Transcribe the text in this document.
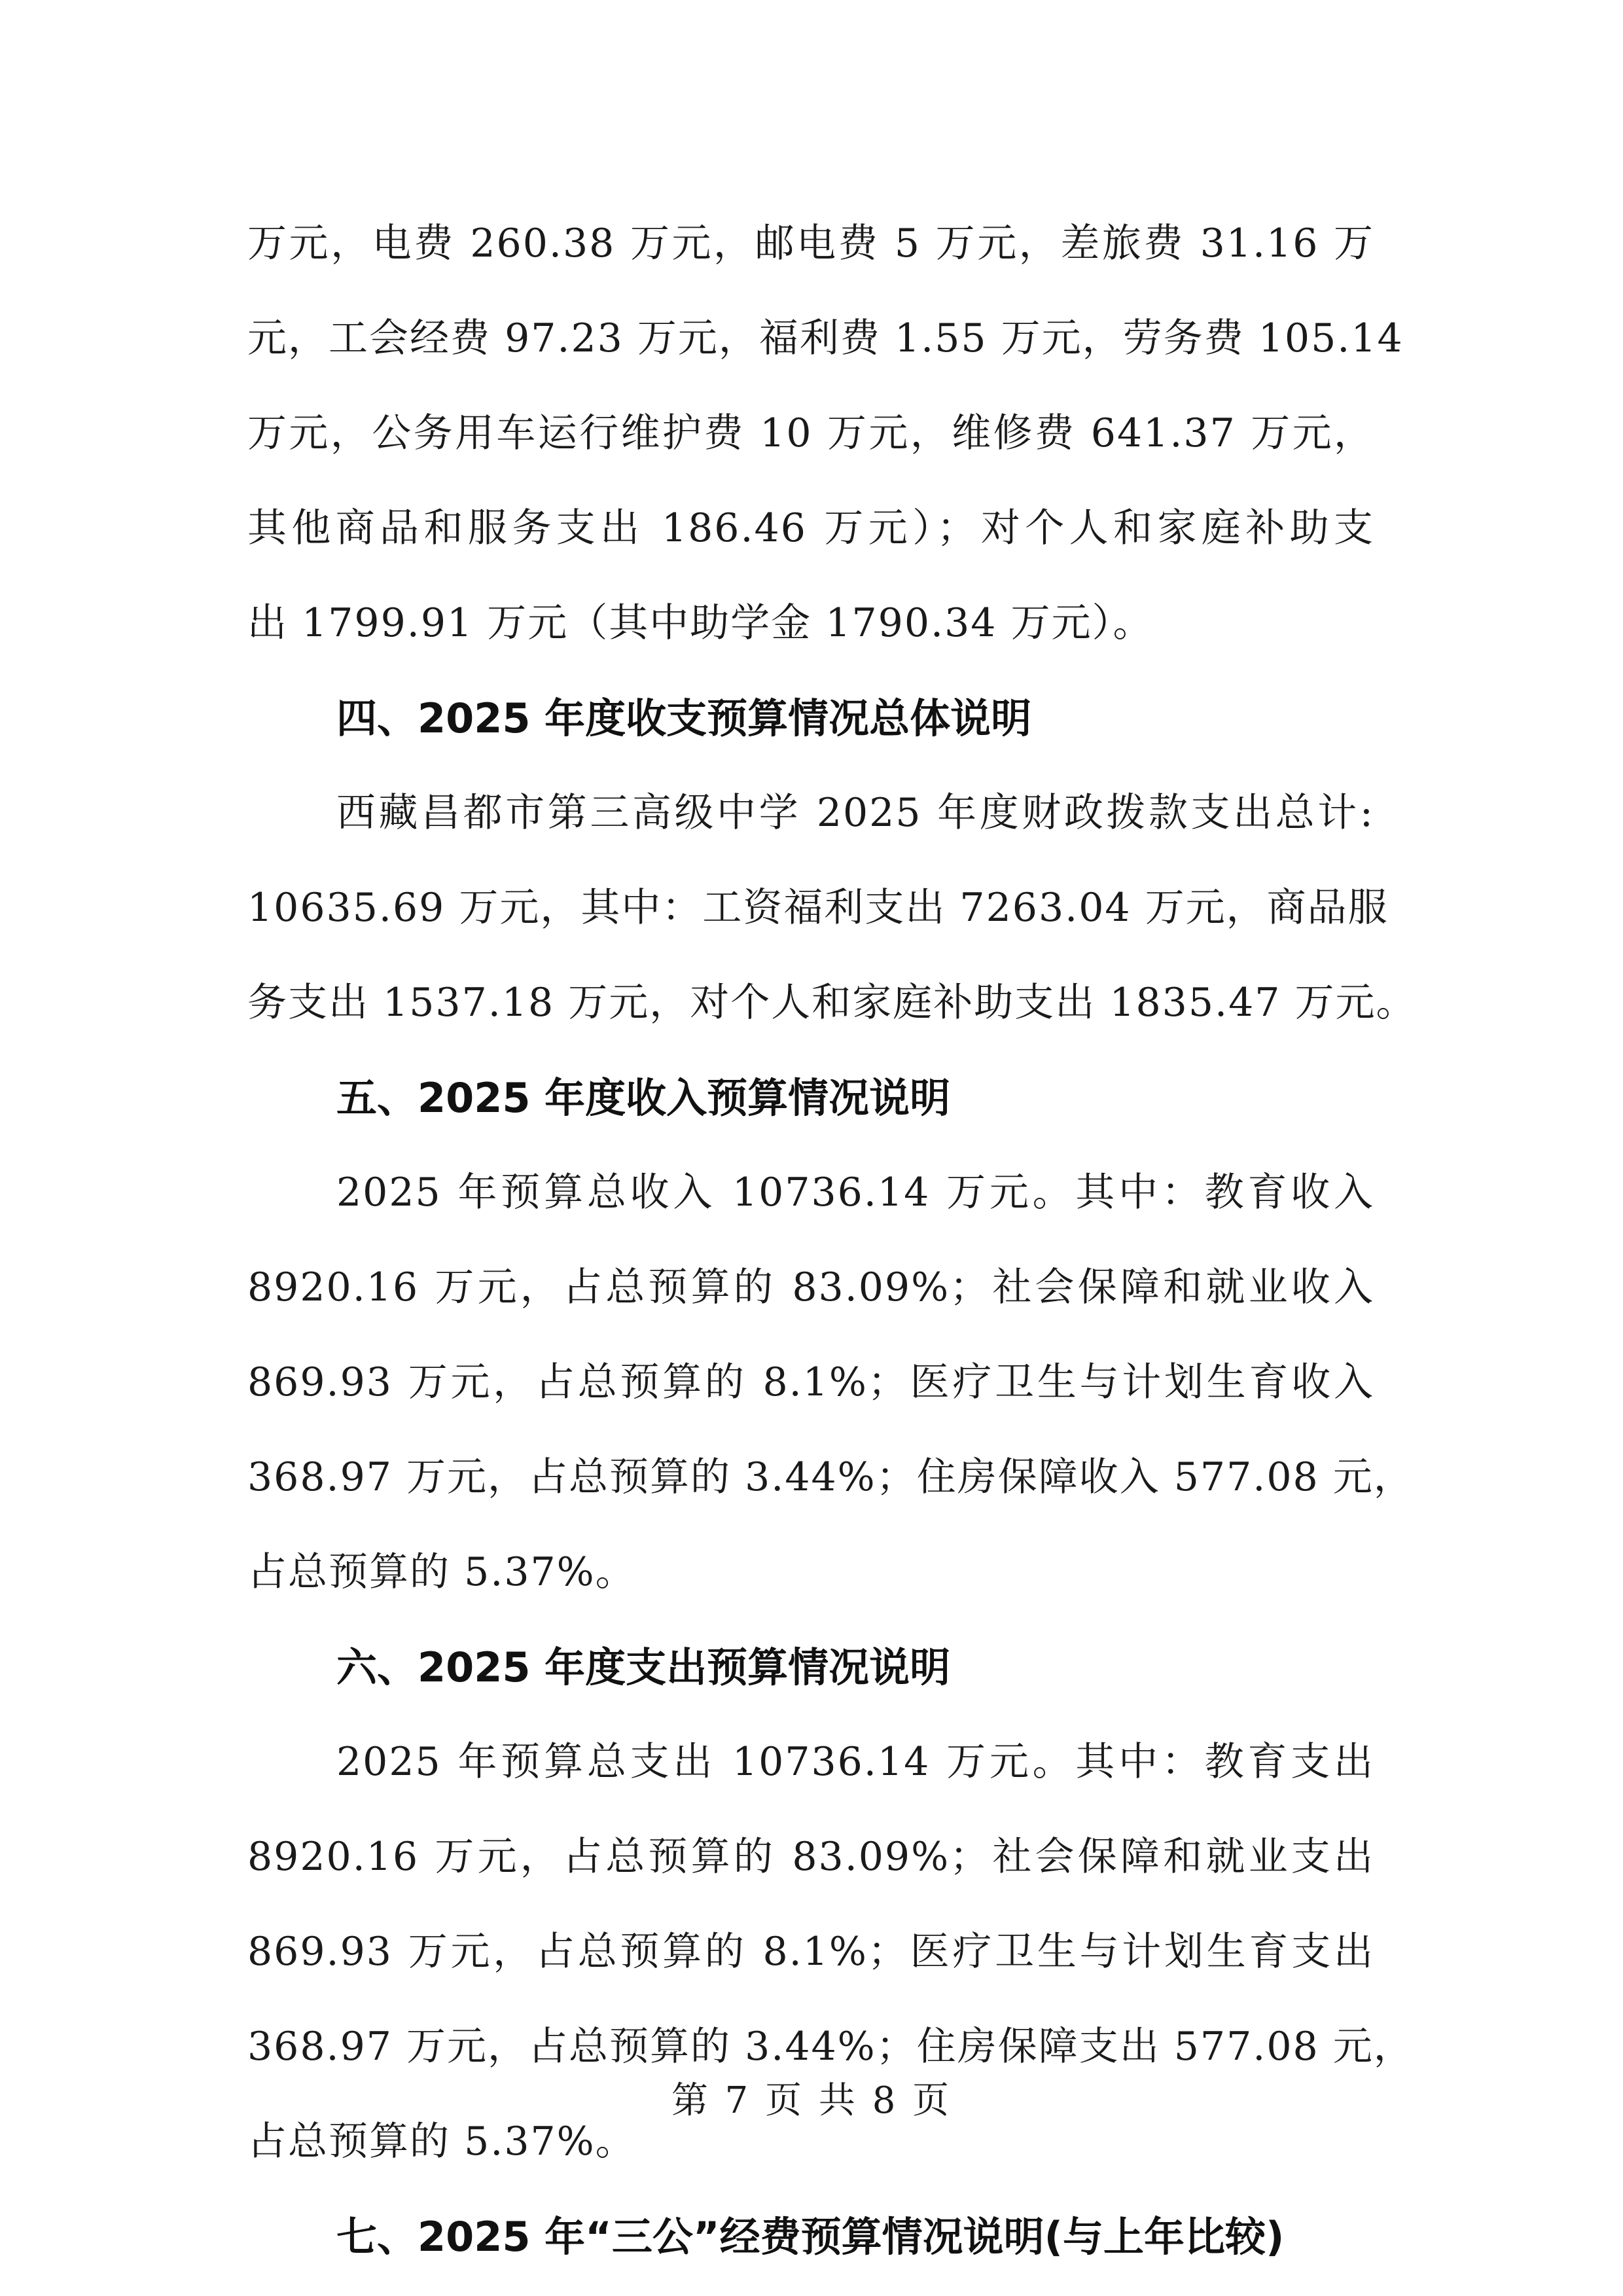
万元，电费 260.38 万元，邮电费 5 万元，差旅费 31.16 万
元，工会经费 97.23 万元，福利费 1.55 万元，劳务费 105.14
万元，公务用车运行维护费 10 万元，维修费 641.37 万元，
其他商品和服务支出 186.46 万元）；对个人和家庭补助支
出 1799.91 万元（其中助学金 1790.34 万元）。
四、2025 年度收支预算情况总体说明
西藏昌都市第三高级中学 2025 年度财政拨款支出总计:
10635.69 万元，其中：工资福利支出 7263.04 万元，商品服
务支出 1537.18 万元，对个人和家庭补助支出 1835.47 万元。
五、2025 年度收入预算情况说明
2025 年预算总收入 10736.14 万元。其中：教育收入
8920.16 万元，占总预算的 83.09%；社会保障和就业收入
869.93 万元，占总预算的 8.1%；医疗卫生与计划生育收入
368.97 万元，占总预算的 3.44%；住房保障收入 577.08 元，
占总预算的 5.37%。
六、2025 年度支出预算情况说明
2025 年预算总支出 10736.14 万元。其中：教育支出
8920.16 万元，占总预算的 83.09%；社会保障和就业支出
869.93 万元，占总预算的 8.1%；医疗卫生与计划生育支出
368.97 万元，占总预算的 3.44%；住房保障支出 577.08 元，
占总预算的 5.37%。
七、2025 年“三公”经费预算情况说明(与上年比较)
第 7 页 共 8 页
